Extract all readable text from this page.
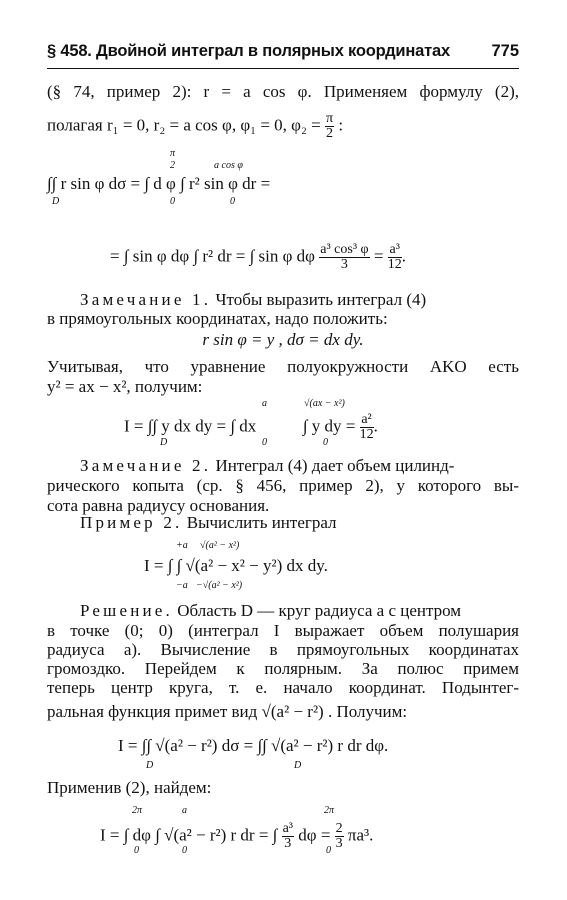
§ 458. Двойной интеграл в полярных координатах	775
(§ 74, пример 2): r = a cos φ. Применяем формулу (2),
полагая r₁ = 0, r₂ = a cos φ, φ₁ = 0, $\varphi_2 = \frac{\pi}{2}$ :
∫∫ r sin φ dσ = ∫ d φ ∫ r² sin φ dr =
D
π
2
0
a cos φ
0
= ∫ sin φ dφ ∫ r² dr = ∫ sin φ dφ $\frac{\text{a³ cos³ φ}}{3} = \frac{\text{a³}}{12}$ .
Замечание 1. Чтобы выразить интеграл (4)
в прямоугольных координатах, надо положить:
r sin φ = y , dσ = dx dy.
Учитывая, что уравнение полуокружности AKO есть
y² = ax − x², получим:
I = ∫∫ y dx dy = ∫ dx	∫ y dy = $\frac{\text{a²}}{12}$ .
D
a
0
√(ax − x²)
0
Замечание 2. Интеграл (4) дает объем цилинд-
рического копыта (ср. § 456, пример 2), у которого вы-
сота равна радиусу основания.
Пример 2. Вычислить интеграл
I = ∫ ∫ √(a² − x² − y²) dx dy.
+a
−a
√(a² − x²)
−√(a² − x²)
Решение. Область D — круг радиуса a с центром
в точке (0; 0) (интеграл I выражает объем полушария
радиуса a). Вычисление в прямоугольных координатах
громоздко. Перейдем к полярным. За полюс примем
теперь центр круга, т. е. начало координат. Подынтег-
ральная функция примет вид √(a² − r²) . Получим:
I = ∫∫ √(a² − r²) dσ = ∫∫ √(a² − r²) r dr dφ.
D	D
Применив (2), найдем:
I = ∫ dφ ∫ √(a² − r²) r dr = ∫ $\frac{\text{a³}}{3}$ $d\varphi = \frac{2}{3} \pi a^3$.
2π
0
a
0
2π
0
